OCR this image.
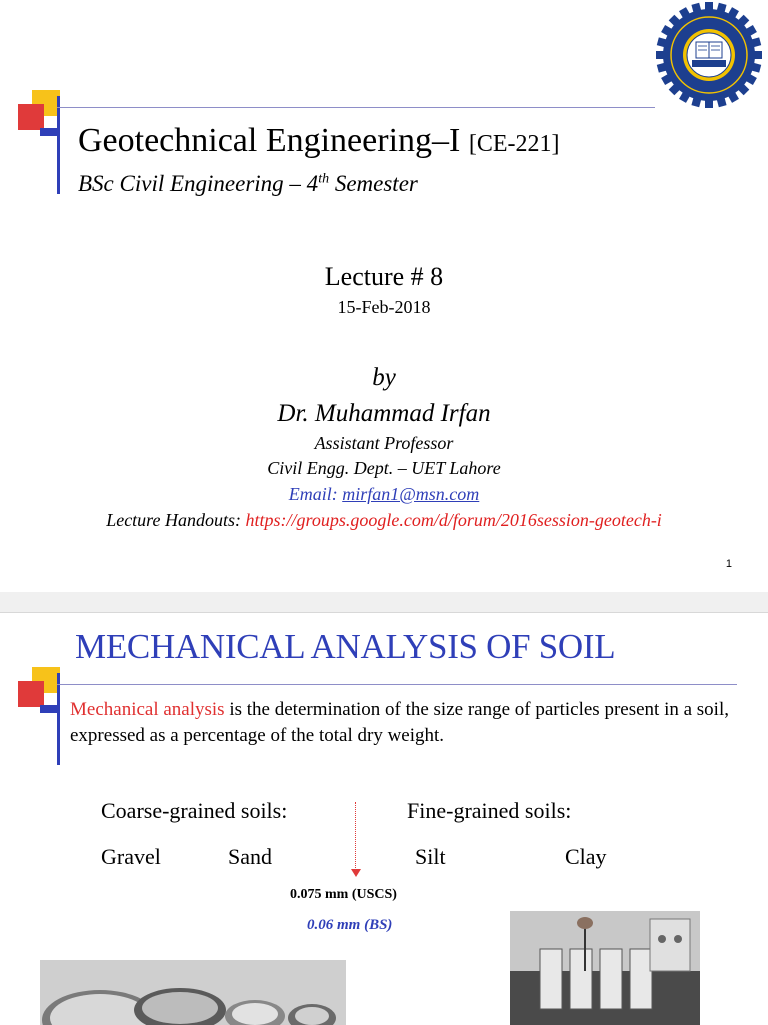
Geotechnical Engineering–I [CE-221]
BSc Civil Engineering – 4th Semester
Lecture # 8
15-Feb-2018
by
Dr. Muhammad Irfan
Assistant Professor
Civil Engg. Dept. – UET Lahore
Email: mirfan1@msn.com
Lecture Handouts: https://groups.google.com/d/forum/2016session-geotech-i
1
MECHANICAL ANALYSIS OF SOIL
Mechanical analysis is the determination of the size range of particles present in a soil, expressed as a percentage of the total dry weight.
Coarse-grained soils:	Fine-grained soils:
Gravel	Sand	Silt	Clay
0.075 mm (USCS)
0.06 mm (BS)
